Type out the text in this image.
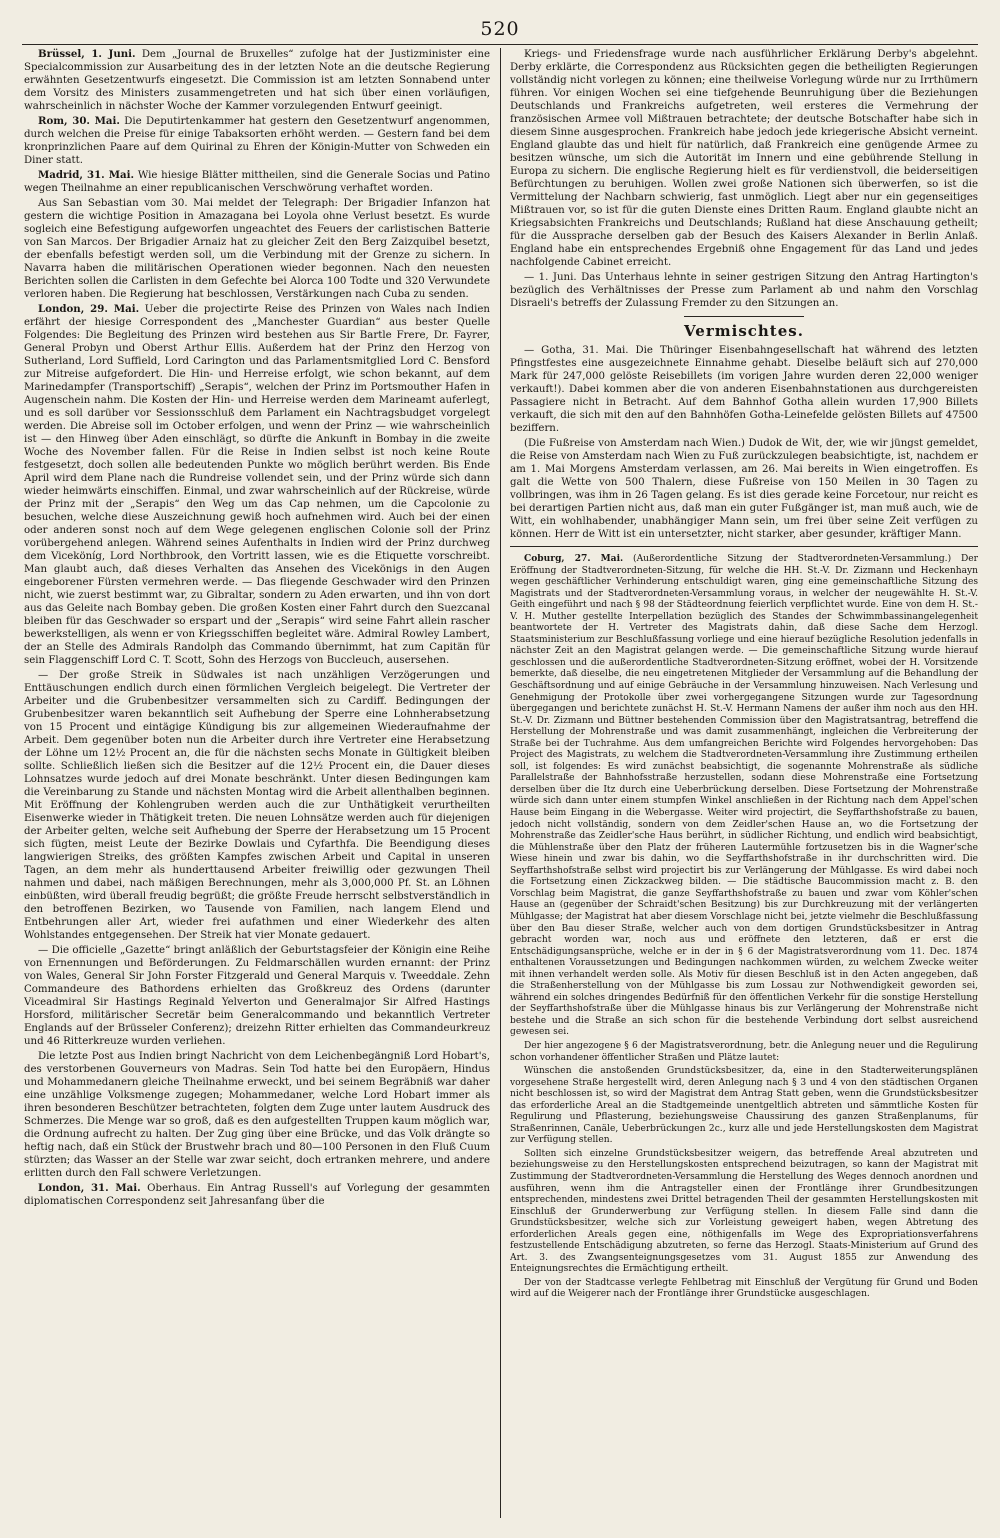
520

Brüssel, 1. Juni. Dem „Journal de Bruxelles“ zufolge hat der Justizminister eine Specialcommission zur Ausarbeitung des in der letzten Note an die deutsche Regierung erwähnten Gesetzentwurfs eingesetzt. Die Commission ist am letzten Sonnabend unter dem Vorsitz des Ministers zusammengetreten und hat sich über einen vorläufigen, wahrscheinlich in nächster Woche der Kammer vorzulegenden Entwurf geeinigt.

Rom, 30. Mai. Die Deputirtenkammer hat gestern den Gesetzentwurf angenommen, durch welchen die Preise für einige Tabaksorten erhöht werden. — Gestern fand bei dem kronprinzlichen Paare auf dem Quirinal zu Ehren der Königin-Mutter von Schweden ein Diner statt.

Madrid, 31. Mai. Wie hiesige Blätter mittheilen, sind die Generale Socias und Patino wegen Theilnahme an einer republicanischen Verschwörung verhaftet worden.

Aus San Sebastian vom 30. Mai meldet der Telegraph: Der Brigadier Infanzon hat gestern die wichtige Position in Amazagana bei Loyola ohne Verlust besetzt. Es wurde sogleich eine Befestigung aufgeworfen ungeachtet des Feuers der carlistischen Batterie von San Marcos. Der Brigadier Arnaiz hat zu gleicher Zeit den Berg Zaizquibel besetzt, der ebenfalls befestigt werden soll, um die Verbindung mit der Grenze zu sichern. In Navarra haben die militärischen Operationen wieder begonnen. Nach den neuesten Berichten sollen die Carlisten in dem Gefechte bei Alorca 100 Todte und 320 Verwundete verloren haben. Die Regierung hat beschlossen, Verstärkungen nach Cuba zu senden.

London, 29. Mai. Ueber die projectirte Reise des Prinzen von Wales nach Indien erfährt der hiesige Correspondent des „Manchester Guardian“ aus bester Quelle Folgendes: Die Begleitung des Prinzen wird bestehen aus Sir Bartle Frere, Dr. Fayrer, General Probyn und Oberst Arthur Ellis. Außerdem hat der Prinz den Herzog von Sutherland, Lord Suffield, Lord Carington und das Parlamentsmitglied Lord C. Bensford zur Mitreise aufgefordert. Die Hin- und Herreise erfolgt, wie schon bekannt, auf dem Marinedampfer (Transportschiff) „Serapis“, welchen der Prinz im Portsmouther Hafen in Augenschein nahm. Die Kosten der Hin- und Herreise werden dem Marineamt auferlegt, und es soll darüber vor Sessionsschluß dem Parlament ein Nachtragsbudget vorgelegt werden. Die Abreise soll im October erfolgen, und wenn der Prinz — wie wahrscheinlich ist — den Hinweg über Aden einschlägt, so dürfte die Ankunft in Bombay in die zweite Woche des November fallen. Für die Reise in Indien selbst ist noch keine Route festgesetzt, doch sollen alle bedeutenden Punkte wo möglich berührt werden. Bis Ende April wird dem Plane nach die Rundreise vollendet sein, und der Prinz würde sich dann wieder heimwärts einschiffen. Einmal, und zwar wahrscheinlich auf der Rückreise, würde der Prinz mit der „Serapis“ den Weg um das Cap nehmen, um die Capcolonie zu besuchen, welche diese Auszeichnung gewiß hoch aufnehmen wird. Auch bei der einen oder anderen sonst noch auf dem Wege gelegenen englischen Colonie soll der Prinz vorübergehend anlegen. Während seines Aufenthalts in Indien wird der Prinz durchweg dem Viceköníg, Lord Northbrook, den Vortritt lassen, wie es die Etiquette vorschreibt. Man glaubt auch, daß dieses Verhalten das Ansehen des Vicekönigs in den Augen eingeborener Fürsten vermehren werde. — Das fliegende Geschwader wird den Prinzen nicht, wie zuerst bestimmt war, zu Gibraltar, sondern zu Aden erwarten, und ihn von dort aus das Geleite nach Bombay geben. Die großen Kosten einer Fahrt durch den Suezcanal bleiben für das Geschwader so erspart und der „Serapis“ wird seine Fahrt allein rascher bewerkstelligen, als wenn er von Kriegsschiffen begleitet wäre. Admiral Rowley Lambert, der an Stelle des Admirals Randolph das Commando übernimmt, hat zum Capitän für sein Flaggenschiff Lord C. T. Scott, Sohn des Herzogs von Buccleuch, ausersehen.

— Der große Streik in Südwales ist nach unzähligen Verzögerungen und Enttäuschungen endlich durch einen förmlichen Vergleich beigelegt. Die Vertreter der Arbeiter und die Grubenbesitzer versammelten sich zu Cardiff. Bedingungen der Grubenbesitzer waren bekanntlich seit Aufhebung der Sperre eine Lohnherabsetzung von 15 Procent und eintägige Kündigung bis zur allgemeinen Wiederaufnahme der Arbeit. Dem gegenüber boten nun die Arbeiter durch ihre Vertreter eine Herabsetzung der Löhne um 12½ Procent an, die für die nächsten sechs Monate in Gültigkeit bleiben sollte. Schließlich ließen sich die Besitzer auf die 12½ Procent ein, die Dauer dieses Lohnsatzes wurde jedoch auf drei Monate beschränkt. Unter diesen Bedingungen kam die Vereinbarung zu Stande und nächsten Montag wird die Arbeit allenthalben beginnen. Mit Eröffnung der Kohlengruben werden auch die zur Unthätigkeit verurtheilten Eisenwerke wieder in Thätigkeit treten. Die neuen Lohnsätze werden auch für diejenigen der Arbeiter gelten, welche seit Aufhebung der Sperre der Herabsetzung um 15 Procent sich fügten, meist Leute der Bezirke Dowlais und Cyfarthfa. Die Beendigung dieses langwierigen Streiks, des größten Kampfes zwischen Arbeit und Capital in unseren Tagen, an dem mehr als hunderttausend Arbeiter freiwillig oder gezwungen Theil nahmen und dabei, nach mäßigen Berechnungen, mehr als 3,000,000 Pf. St. an Löhnen einbüßten, wird überall freudig begrüßt; die größte Freude herrscht selbstverständlich in den betroffenen Bezirken, wo Tausende von Familien, nach langem Elend und Entbehrungen aller Art, wieder frei aufathmen und einer Wiederkehr des alten Wohlstandes entgegensehen. Der Streik hat vier Monate gedauert.

— Die officielle „Gazette“ bringt anläßlich der Geburtstagsfeier der Königin eine Reihe von Ernennungen und Beförderungen. Zu Feldmarschällen wurden ernannt: der Prinz von Wales, General Sir John Forster Fitzgerald und General Marquis v. Tweeddale. Zehn Commandeure des Bathordens erhielten das Großkreuz des Ordens (darunter Viceadmiral Sir Hastings Reginald Yelverton und Generalmajor Sir Alfred Hastings Horsford, militärischer Secretär beim Generalcommando und bekanntlich Vertreter Englands auf der Brüsseler Conferenz); dreizehn Ritter erhielten das Commandeurkreuz und 46 Ritterkreuze wurden verliehen.

Die letzte Post aus Indien bringt Nachricht von dem Leichenbegängniß Lord Hobart's, des verstorbenen Gouverneurs von Madras. Sein Tod hatte bei den Europäern, Hindus und Mohammedanern gleiche Theilnahme erweckt, und bei seinem Begräbniß war daher eine unzählige Volksmenge zugegen; Mohammedaner, welche Lord Hobart immer als ihren besonderen Beschützer betrachteten, folgten dem Zuge unter lautem Ausdruck des Schmerzes. Die Menge war so groß, daß es den aufgestellten Truppen kaum möglich war, die Ordnung aufrecht zu halten. Der Zug ging über eine Brücke, und das Volk drängte so heftig nach, daß ein Stück der Brustwehr brach und 80—100 Personen in den Fluß Cuum stürzten; das Wasser an der Stelle war zwar seicht, doch ertranken mehrere, und andere erlitten durch den Fall schwere Verletzungen.

London, 31. Mai. Oberhaus. Ein Antrag Russell's auf Vorlegung der gesammten diplomatischen Correspondenz seit Jahresanfang über die

Kriegs- und Friedensfrage wurde nach ausführlicher Erklärung Derby's abgelehnt. Derby erklärte, die Correspondenz aus Rücksichten gegen die betheiligten Regierungen vollständig nicht vorlegen zu können; eine theilweise Vorlegung würde nur zu Irrthümern führen. Vor einigen Wochen sei eine tiefgehende Beunruhigung über die Beziehungen Deutschlands und Frankreichs aufgetreten, weil ersteres die Vermehrung der französischen Armee voll Mißtrauen betrachtete; der deutsche Botschafter habe sich in diesem Sinne ausgesprochen. Frankreich habe jedoch jede kriegerische Absicht verneint. England glaubte das und hielt für natürlich, daß Frankreich eine genügende Armee zu besitzen wünsche, um sich die Autorität im Innern und eine gebührende Stellung in Europa zu sichern. Die englische Regierung hielt es für verdienstvoll, die beiderseitigen Befürchtungen zu beruhigen. Wollen zwei große Nationen sich überwerfen, so ist die Vermittelung der Nachbarn schwierig, fast unmöglich. Liegt aber nur ein gegenseitiges Mißtrauen vor, so ist für die guten Dienste eines Dritten Raum. England glaubte nicht an Kriegsabsichten Frankreichs und Deutschlands; Rußland hat diese Anschauung getheilt; für die Aussprache derselben gab der Besuch des Kaisers Alexander in Berlin Anlaß. England habe ein entsprechendes Ergebniß ohne Engagement für das Land und jedes nachfolgende Cabinet erreicht.

— 1. Juni. Das Unterhaus lehnte in seiner gestrigen Sitzung den Antrag Hartington's bezüglich des Verhältnisses der Presse zum Parlament ab und nahm den Vorschlag Disraeli's betreffs der Zulassung Fremder zu den Sitzungen an.

Vermischtes.

— Gotha, 31. Mai. Die Thüringer Eisenbahngesellschaft hat während des letzten Pfingstfestes eine ausgezeichnete Einnahme gehabt. Dieselbe beläuft sich auf 270,000 Mark für 247,000 gelöste Reisebillets (im vorigen Jahre wurden deren 22,000 weniger verkauft!). Dabei kommen aber die von anderen Eisenbahnstationen aus durchgereisten Passagiere nicht in Betracht. Auf dem Bahnhof Gotha allein wurden 17,900 Billets verkauft, die sich mit den auf den Bahnhöfen Gotha-Leinefelde gelösten Billets auf 47500 beziffern.

(Die Fußreise von Amsterdam nach Wien.) Dudok de Wit, der, wie wir jüngst gemeldet, die Reise von Amsterdam nach Wien zu Fuß zurückzulegen beabsichtigte, ist, nachdem er am 1. Mai Morgens Amsterdam verlassen, am 26. Mai bereits in Wien eingetroffen. Es galt die Wette von 500 Thalern, diese Fußreise von 150 Meilen in 30 Tagen zu vollbringen, was ihm in 26 Tagen gelang. Es ist dies gerade keine Forcetour, nur reicht es bei derartigen Partien nicht aus, daß man ein guter Fußgänger ist, man muß auch, wie de Witt, ein wohlhabender, unabhängiger Mann sein, um frei über seine Zeit verfügen zu können. Herr de Witt ist ein untersetzter, nicht starker, aber gesunder, kräftiger Mann.

Coburg, 27. Mai. (Außerordentliche Sitzung der Stadtverordneten-Versammlung.) Der Eröffnung der Stadtverordneten-Sitzung, für welche die HH. St.-V. Dr. Zizmann und Heckenhayn wegen geschäftlicher Verhinderung entschuldigt waren, ging eine gemeinschaftliche Sitzung des Magistrats und der Stadtverordneten-Versammlung voraus, in welcher der neugewählte H. St.-V. Geith eingeführt und nach § 98 der Städteordnung feierlich verpflichtet wurde. Eine von dem H. St.-V. H. Muther gestellte Interpellation bezüglich des Standes der Schwimmbassinangelegenheit beantwortete der H. Vertreter des Magistrats dahin, daß diese Sache dem Herzogl. Staatsministerium zur Beschlußfassung vorliege und eine hierauf bezügliche Resolution jedenfalls in nächster Zeit an den Magistrat gelangen werde. — Die gemeinschaftliche Sitzung wurde hierauf geschlossen und die außerordentliche Stadtverordneten-Sitzung eröffnet, wobei der H. Vorsitzende bemerkte, daß dieselbe, die neu eingetretenen Mitglieder der Versammlung auf die Behandlung der Geschäftsordnung und auf einige Gebräuche in der Versammlung hinzuweisen. Nach Verlesung und Genehmigung der Protokolle über zwei vorhergegangene Sitzungen wurde zur Tagesordnung übergegangen und berichtete zunächst H. St.-V. Hermann Namens der außer ihm noch aus den HH. St.-V. Dr. Zizmann und Büttner bestehenden Commission über den Magistratsantrag, betreffend die Herstellung der Mohrenstraße und was damit zusammenhängt, ingleichen die Verbreiterung der Straße bei der Tuchrahme. Aus dem umfangreichen Berichte wird Folgendes hervorgehoben: Das Project des Magistrats, zu welchem die Stadtverordneten-Versammlung ihre Zustimmung ertheilen soll, ist folgendes: Es wird zunächst beabsichtigt, die sogenannte Mohrenstraße als südliche Parallelstraße der Bahnhofsstraße herzustellen, sodann diese Mohrenstraße eine Fortsetzung derselben über die Itz durch eine Ueberbrückung derselben. Diese Fortsetzung der Mohrenstraße würde sich dann unter einem stumpfen Winkel anschließen in der Richtung nach dem Appel'schen Hause beim Eingang in die Webergasse. Weiter wird projectirt, die Seyffarthshofstraße zu bauen, jedoch nicht vollständig, sondern von dem Zeidler'schen Hause an, wo die Fortsetzung der Mohrenstraße das Zeidler'sche Haus berührt, in südlicher Richtung, und endlich wird beabsichtigt, die Mühlenstraße über den Platz der früheren Lautermühle fortzusetzen bis in die Wagner'sche Wiese hinein und zwar bis dahin, wo die Seyffarthshofstraße in ihr durchschritten wird. Die Seyffarthshofstraße selbst wird projectirt bis zur Verlängerung der Mühlgasse. Es wird dabei noch die Fortsetzung einen Zickzackweg bilden. — Die städtische Baucommission macht z. B. den Vorschlag beim Magistrat, die ganze Seyffarthshofstraße zu bauen und zwar vom Köhler'schen Hause an (gegenüber der Schraidt'schen Besitzung) bis zur Durchkreuzung mit der verlängerten Mühlgasse; der Magistrat hat aber diesem Vorschlage nicht bei, jetzte vielmehr die Beschlußfassung über den Bau dieser Straße, welcher auch von dem dortigen Grundstücksbesitzer in Antrag gebracht worden war, noch aus und eröffnete den letzteren, daß er erst die Entschädigungsansprüche, welche er in der in § 6 der Magistratsverordnung vom 11. Dec. 1874 enthaltenen Voraussetzungen und Bedingungen nachkommen würden, zu welchem Zwecke weiter mit ihnen verhandelt werden solle. Als Motiv für diesen Beschluß ist in den Acten angegeben, daß die Straßenherstellung von der Mühlgasse bis zum Lossau zur Nothwendigkeit geworden sei, während ein solches dringendes Bedürfniß für den öffentlichen Verkehr für die sonstige Herstellung der Seyffarthshofstraße über die Mühlgasse hinaus bis zur Verlängerung der Mohrenstraße nicht bestehe und die Straße an sich schon für die bestehende Verbindung dort selbst ausreichend gewesen sei.

Der hier angezogene § 6 der Magistratsverordnung, betr. die Anlegung neuer und die Regulirung schon vorhandener öffentlicher Straßen und Plätze lautet:

Wünschen die anstoßenden Grundstücksbesitzer, da, eine in den Stadterweiterungsplänen vorgesehene Straße hergestellt wird, deren Anlegung nach § 3 und 4 von den städtischen Organen nicht beschlossen ist, so wird der Magistrat dem Antrag Statt geben, wenn die Grundstücksbesitzer das erforderliche Areal an die Stadtgemeinde unentgeltlich abtreten und sämmtliche Kosten für Regulirung und Pflasterung, beziehungsweise Chaussirung des ganzen Straßenplanums, für Straßenrinnen, Canäle, Ueberbrückungen 2c., kurz alle und jede Herstellungskosten dem Magistrat zur Verfügung stellen.

Sollten sich einzelne Grundstücksbesitzer weigern, das betreffende Areal abzutreten und beziehungsweise zu den Herstellungskosten entsprechend beizutragen, so kann der Magistrat mit Zustimmung der Stadtverordneten-Versammlung die Herstellung des Weges dennoch anordnen und ausführen, wenn ihm die Antragsteller einen der Frontlänge ihrer Grundbesitzungen entsprechenden, mindestens zwei Drittel betragenden Theil der gesammten Herstellungskosten mit Einschluß der Grunderwerbung zur Verfügung stellen. In diesem Falle sind dann die Grundstücksbesitzer, welche sich zur Vorleistung geweigert haben, wegen Abtretung des erforderlichen Areals gegen eine, nöthigenfalls im Wege des Expropriationsverfahrens festzustellende Entschädigung abzutreten, so ferne das Herzogl. Staats-Ministerium auf Grund des Art. 3. des Zwangsenteignungsgesetzes vom 31. August 1855 zur Anwendung des Enteignungsrechtes die Ermächtigung ertheilt.

Der von der Stadtcasse verlegte Fehlbetrag mit Einschluß der Vergütung für Grund und Boden wird auf die Weigerer nach der Frontlänge ihrer Grundstücke ausgeschlagen.
